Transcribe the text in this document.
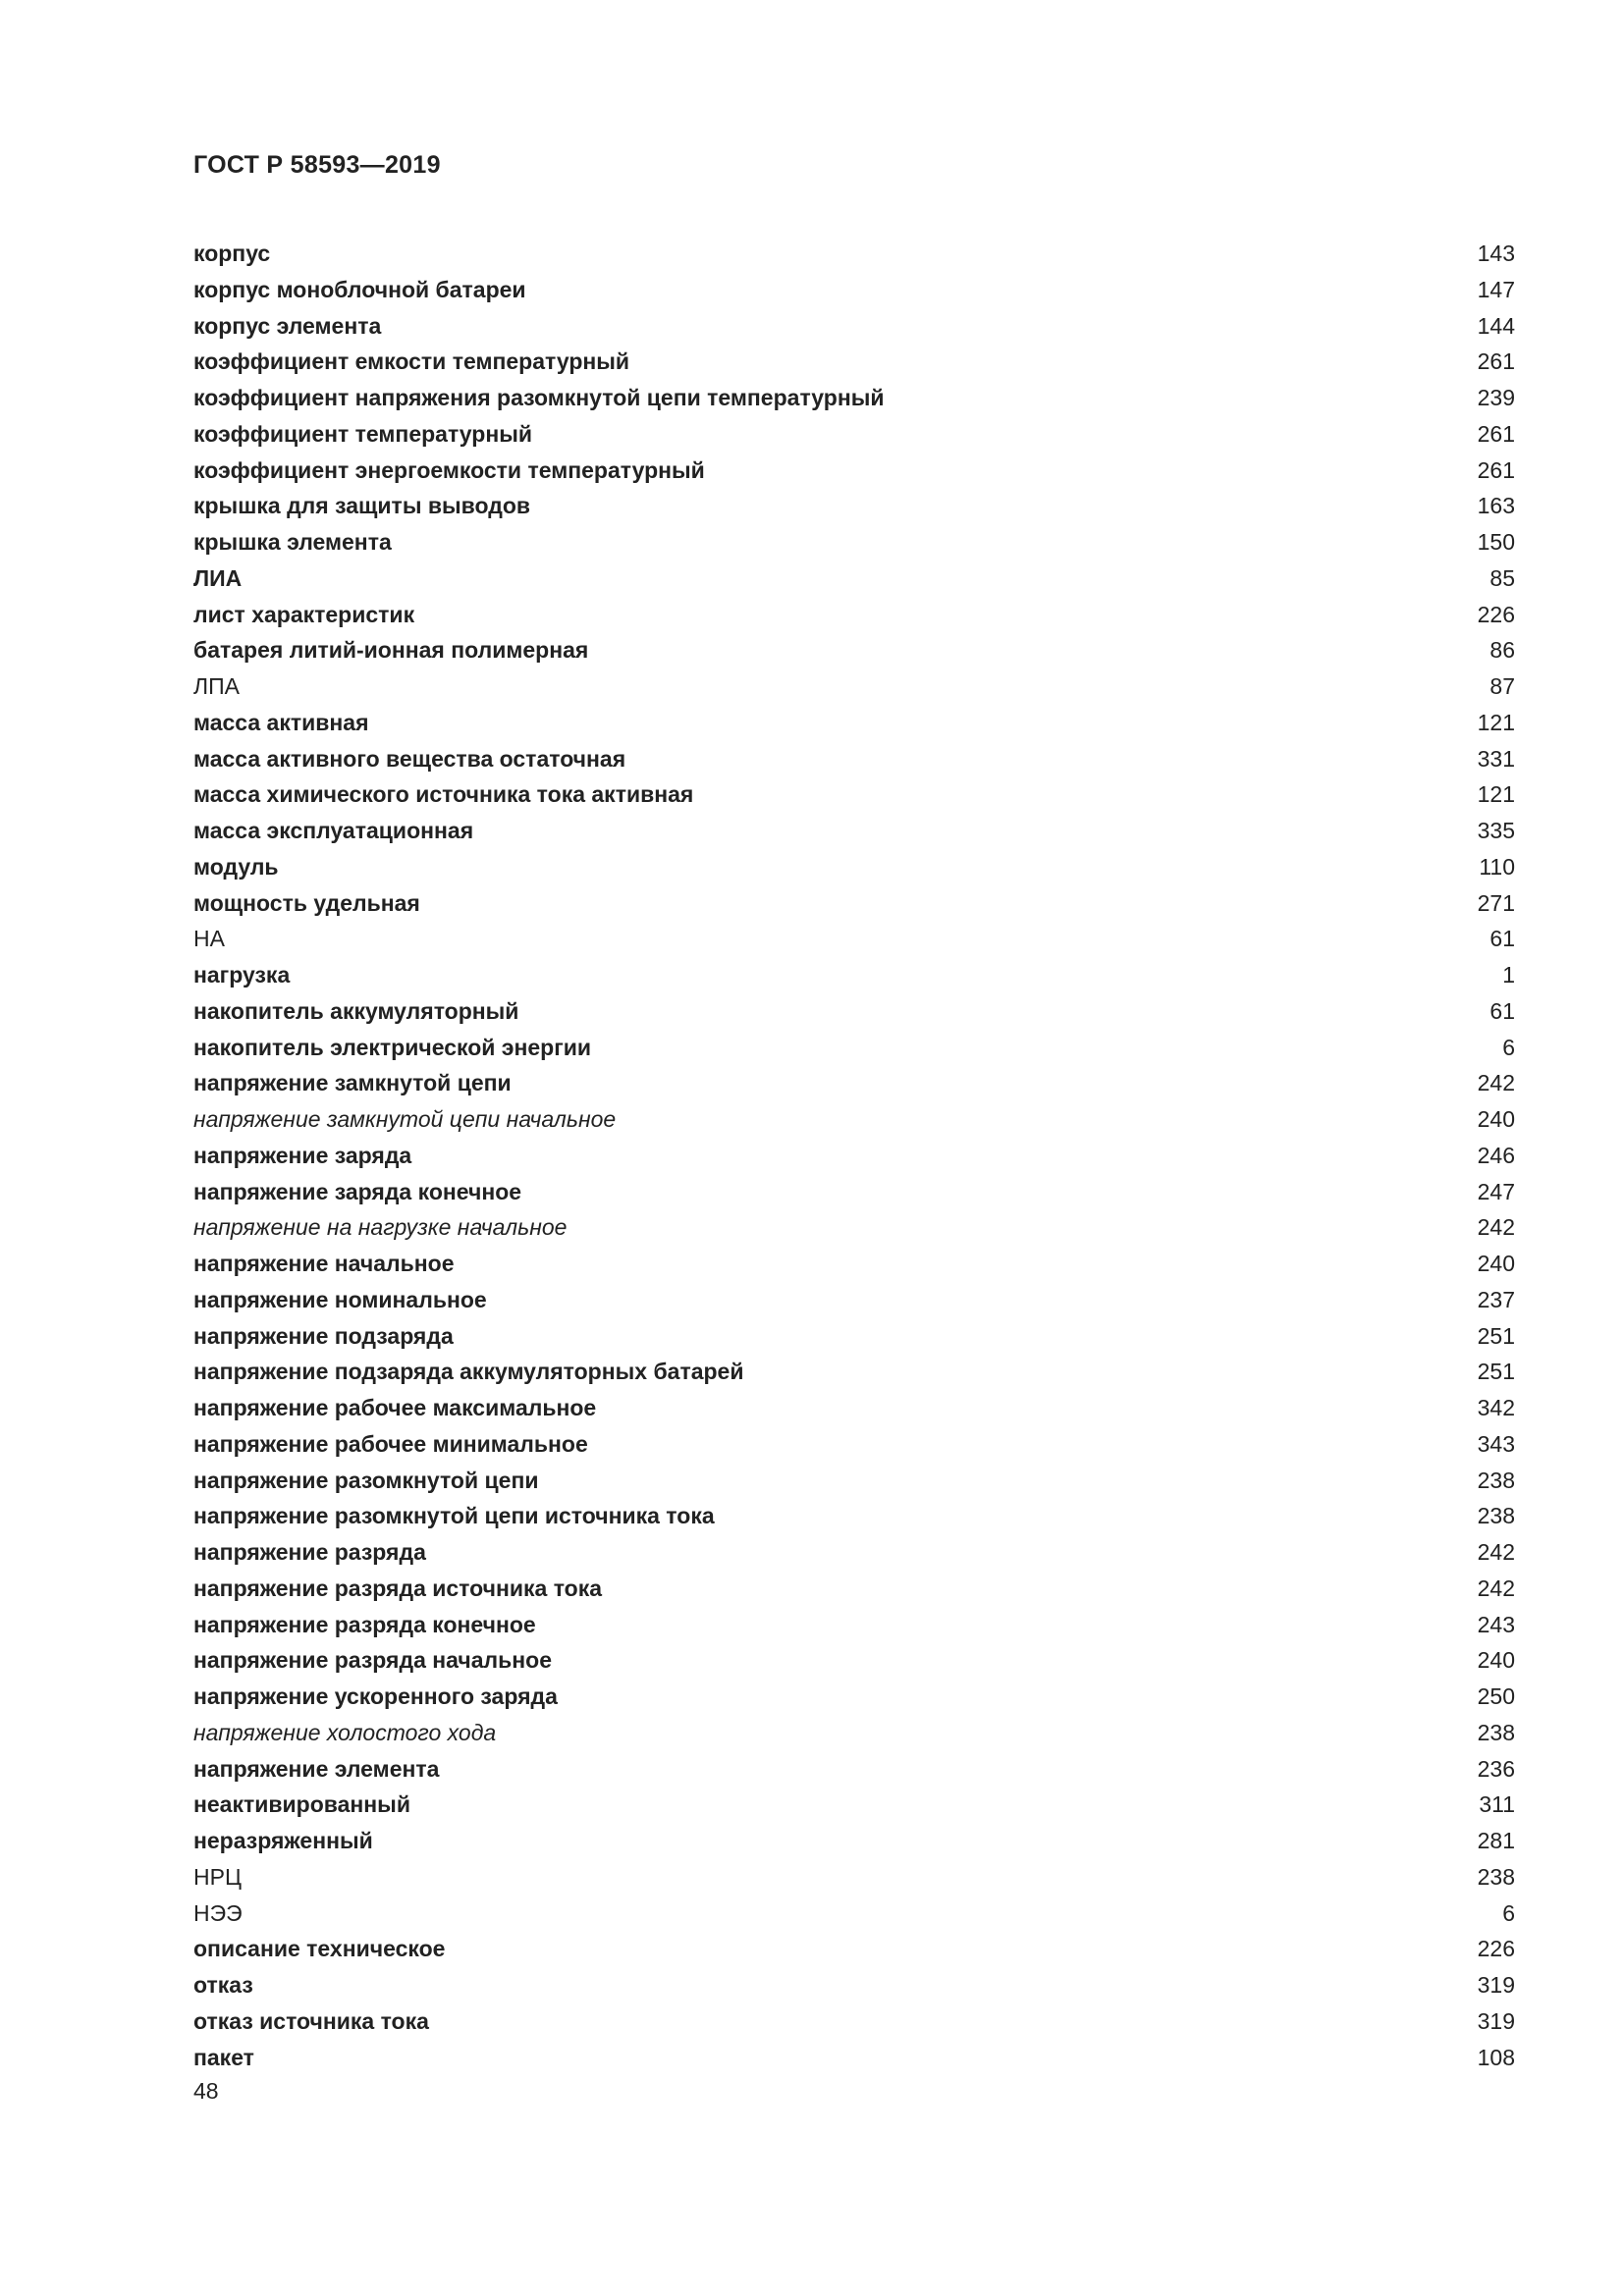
ГОСТ Р 58593—2019
корпус	143
корпус моноблочной батареи	147
корпус элемента	144
коэффициент емкости температурный	261
коэффициент напряжения разомкнутой цепи температурный	239
коэффициент температурный	261
коэффициент энергоемкости температурный	261
крышка для защиты выводов	163
крышка элемента	150
ЛИА	85
лист характеристик	226
батарея литий-ионная полимерная	86
ЛПА	87
масса активная	121
масса активного вещества остаточная	331
масса химического источника тока активная	121
масса эксплуатационная	335
модуль	110
мощность удельная	271
НА	61
нагрузка	1
накопитель аккумуляторный	61
накопитель электрической энергии	6
напряжение замкнутой цепи	242
напряжение замкнутой цепи начальное	240
напряжение заряда	246
напряжение заряда конечное	247
напряжение на нагрузке начальное	242
напряжение начальное	240
напряжение номинальное	237
напряжение подзаряда	251
напряжение подзаряда аккумуляторных батарей	251
напряжение рабочее максимальное	342
напряжение рабочее минимальное	343
напряжение разомкнутой цепи	238
напряжение разомкнутой цепи источника тока	238
напряжение разряда	242
напряжение разряда источника тока	242
напряжение разряда конечное	243
напряжение разряда начальное	240
напряжение ускоренного заряда	250
напряжение холостого хода	238
напряжение элемента	236
неактивированный	311
неразряженный	281
НРЦ	238
НЭЭ	6
описание техническое	226
отказ	319
отказ источника тока	319
пакет	108
48
